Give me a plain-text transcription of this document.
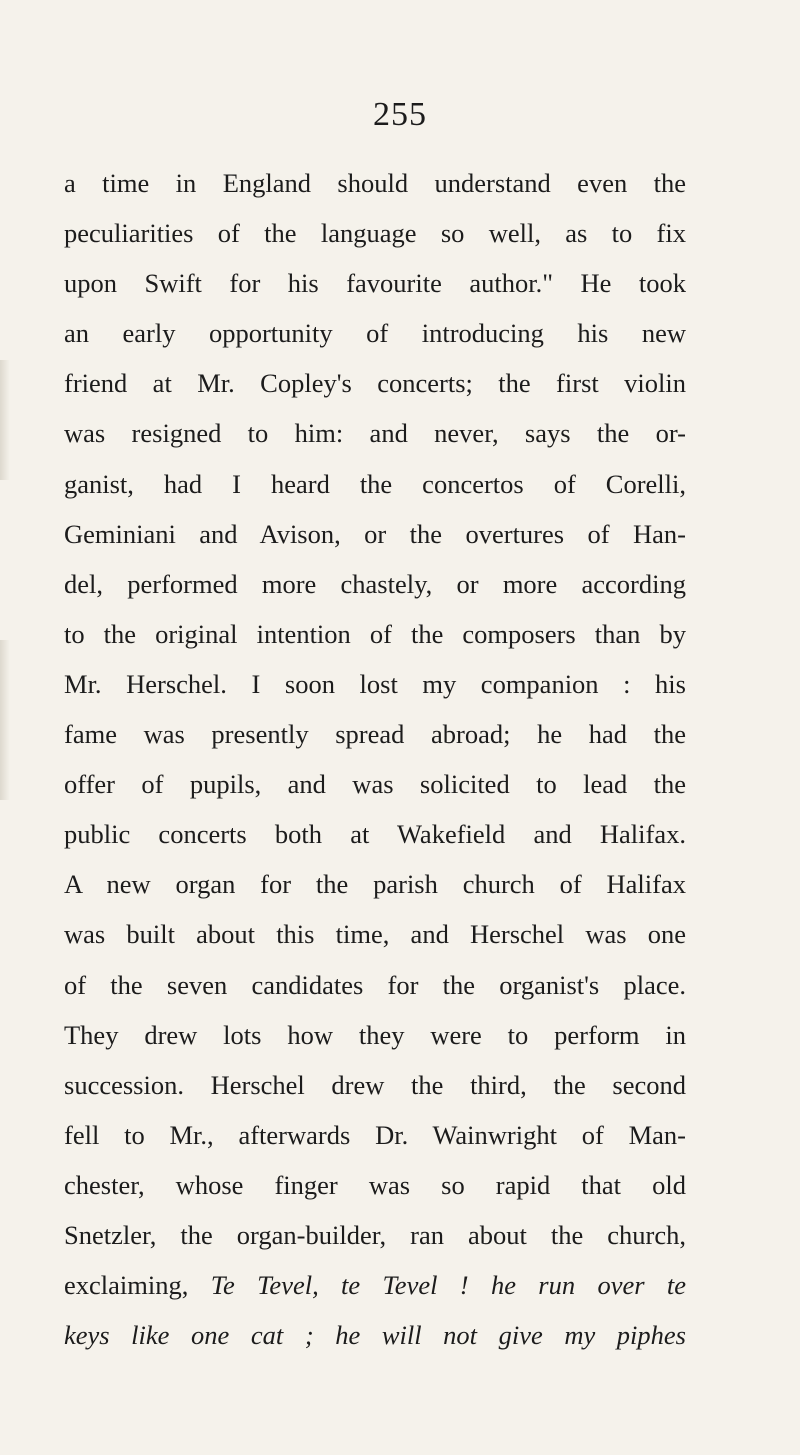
255
a time in England should understand even the
peculiarities of the language so well, as to fix
upon Swift for his favourite author." He took
an early opportunity of introducing his new
friend at Mr. Copley's concerts; the first violin
was resigned to him: and never, says the or-
ganist, had I heard the concertos of Corelli,
Geminiani and Avison, or the overtures of Han-
del, performed more chastely, or more according
to the original intention of the composers than by
Mr. Herschel. I soon lost my companion : his
fame was presently spread abroad; he had the
offer of pupils, and was solicited to lead the
public concerts both at Wakefield and Halifax.
A new organ for the parish church of Halifax
was built about this time, and Herschel was one
of the seven candidates for the organist's place.
They drew lots how they were to perform in
succession. Herschel drew the third, the second
fell to Mr., afterwards Dr. Wainwright of Man-
chester, whose finger was so rapid that old
Snetzler, the organ-builder, ran about the church,
exclaiming, Te Tevel, te Tevel ! he run over te
keys like one cat ; he will not give my piphes
